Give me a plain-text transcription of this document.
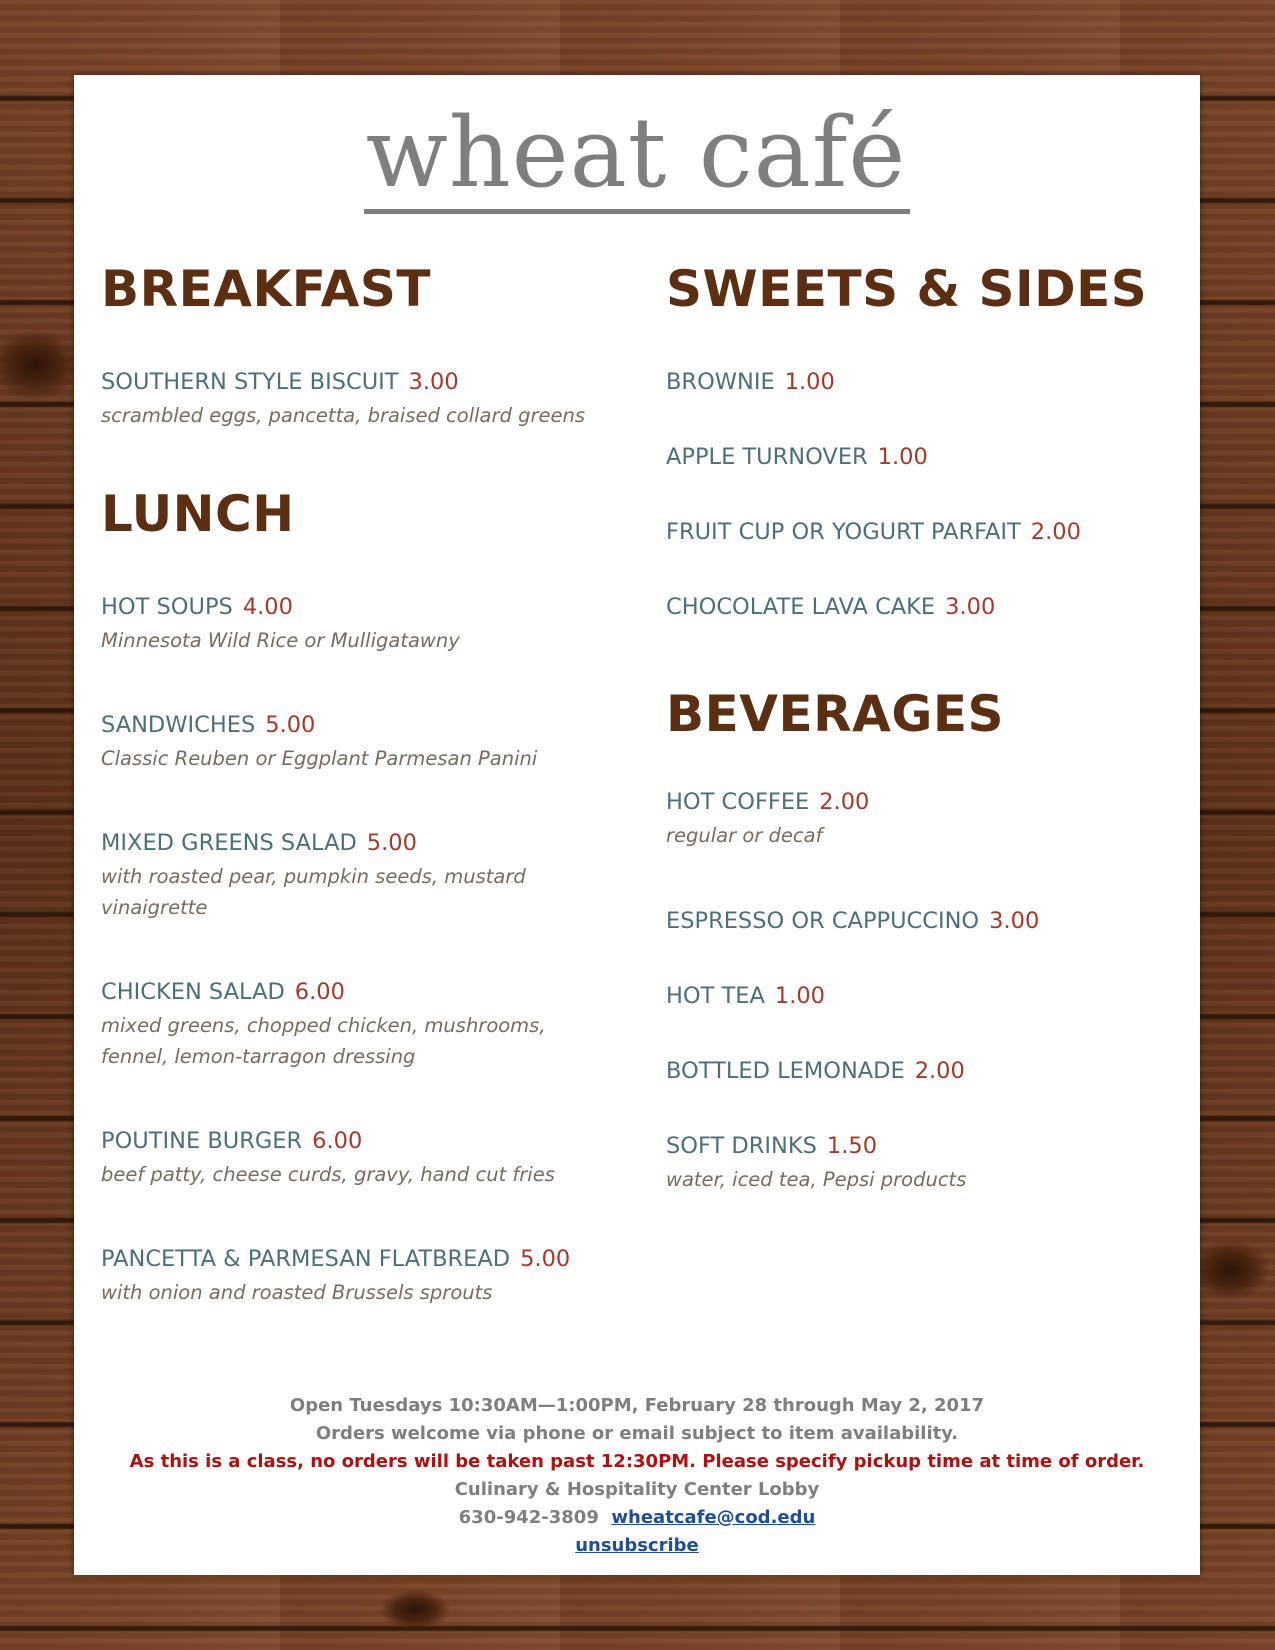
wheat café
BREAKFAST
SOUTHERN STYLE BISCUIT 3.00
scrambled eggs, pancetta, braised collard greens
LUNCH
HOT SOUPS 4.00
Minnesota Wild Rice or Mulligatawny
SANDWICHES 5.00
Classic Reuben or Eggplant Parmesan Panini
MIXED GREENS SALAD 5.00
with roasted pear, pumpkin seeds, mustard vinaigrette
CHICKEN SALAD 6.00
mixed greens, chopped chicken, mushrooms, fennel, lemon-tarragon dressing
POUTINE BURGER 6.00
beef patty, cheese curds, gravy, hand cut fries
PANCETTA & PARMESAN FLATBREAD 5.00
with onion and roasted Brussels sprouts
SWEETS & SIDES
BROWNIE 1.00
APPLE TURNOVER 1.00
FRUIT CUP OR YOGURT PARFAIT 2.00
CHOCOLATE LAVA CAKE 3.00
BEVERAGES
HOT COFFEE 2.00
regular or decaf
ESPRESSO OR CAPPUCCINO 3.00
HOT TEA 1.00
BOTTLED LEMONADE 2.00
SOFT DRINKS 1.50
water, iced tea, Pepsi products
Open Tuesdays 10:30AM—1:00PM, February 28 through May 2, 2017
Orders welcome via phone or email subject to item availability.
As this is a class, no orders will be taken past 12:30PM. Please specify pickup time at time of order.
Culinary & Hospitality Center Lobby
630-942-3809 wheatcafe@cod.edu
unsubscribe
